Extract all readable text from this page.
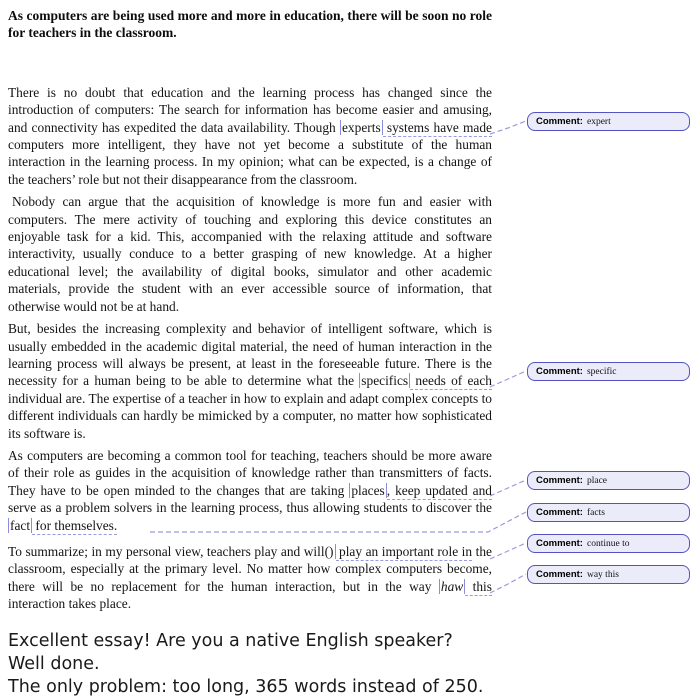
As computers are being used more and more in education, there will be soon no role for teachers in the classroom.

There is no doubt that education and the learning process has changed since the introduction of computers: The search for information has become easier and amusing, and connectivity has expedited the data availability. Though experts systems have made computers more intelligent, they have not yet become a substitute of the human interaction in the learning process. In my opinion; what can be expected, is a change of the teachers’ role but not their disappearance from the classroom.

Nobody can argue that the acquisition of knowledge is more fun and easier with computers. The mere activity of touching and exploring this device constitutes an enjoyable task for a kid. This, accompanied with the relaxing attitude and software interactivity, usually conduce to a better grasping of new knowledge. At a higher educational level; the availability of digital books, simulator and other academic materials, provide the student with an ever accessible source of information, that otherwise would not be at hand.

But, besides the increasing complexity and behavior of intelligent software, which is usually embedded in the academic digital material, the need of human interaction in the learning process will always be present, at least in the foreseeable future. There is the necessity for a human being to be able to determine what the specifics needs of each individual are. The expertise of a teacher in how to explain and adapt complex concepts to different individuals can hardly be mimicked by a computer, no matter how sophisticated its software is.

As computers are becoming a common tool for teaching, teachers should be more aware of their role as guides in the acquisition of knowledge rather than transmitters of facts. They have to be open minded to the changes that are taking places , keep updated and serve as a problem solvers in the learning process, thus allowing students to discover the fact for themselves.

To summarize; in my personal view, teachers play and will() play an important role in the classroom, especially at the primary level. No matter how complex computers become, there will be no replacement for the human interaction, but in the way haw this interaction takes place.

Excellent essay! Are you a native English speaker? Well done.
The only problem: too long, 365 words instead of 250.
Comment: expert
Comment: specific
Comment: place
Comment: facts
Comment: continue to
Comment: way this
